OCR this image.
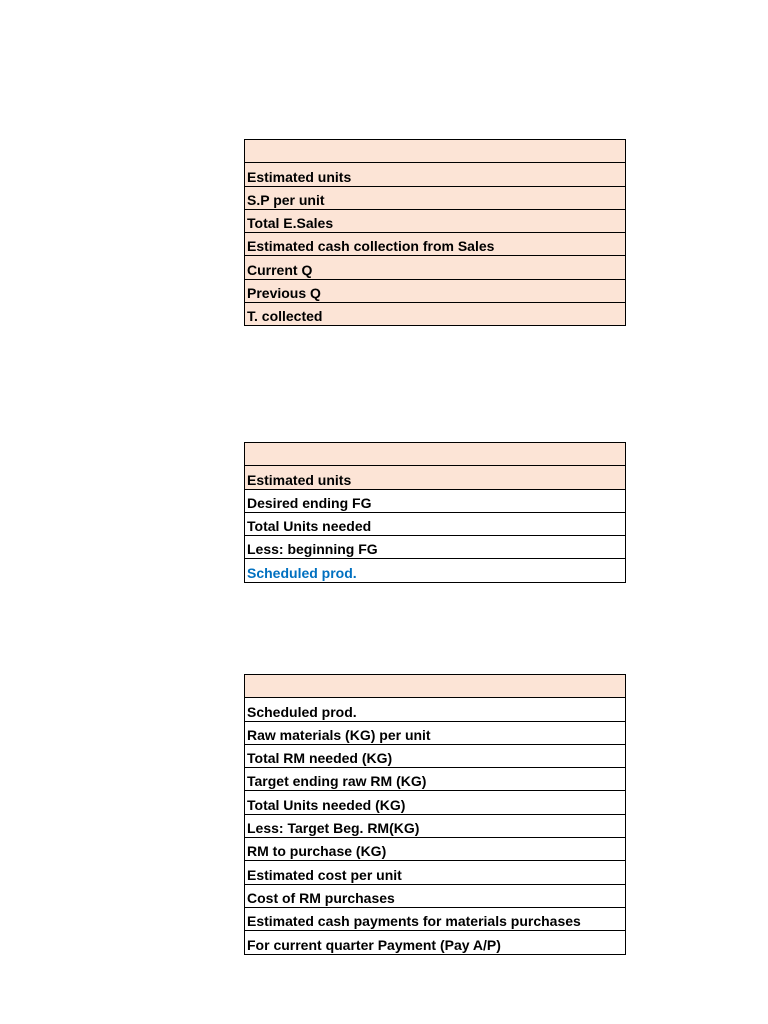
Estimated units
S.P per unit
Total E.Sales
Estimated cash collection from Sales
Current Q
Previous Q
T. collected

Estimated units
Desired ending FG
Total Units needed
Less: beginning FG
Scheduled prod.

Scheduled prod.
Raw materials (KG) per unit
Total RM needed (KG)
Target ending raw RM (KG)
Total Units needed (KG)
Less: Target Beg. RM(KG)
RM to purchase (KG)
Estimated cost per unit
Cost of RM purchases
Estimated cash payments for materials purchases
For current quarter Payment (Pay A/P)
